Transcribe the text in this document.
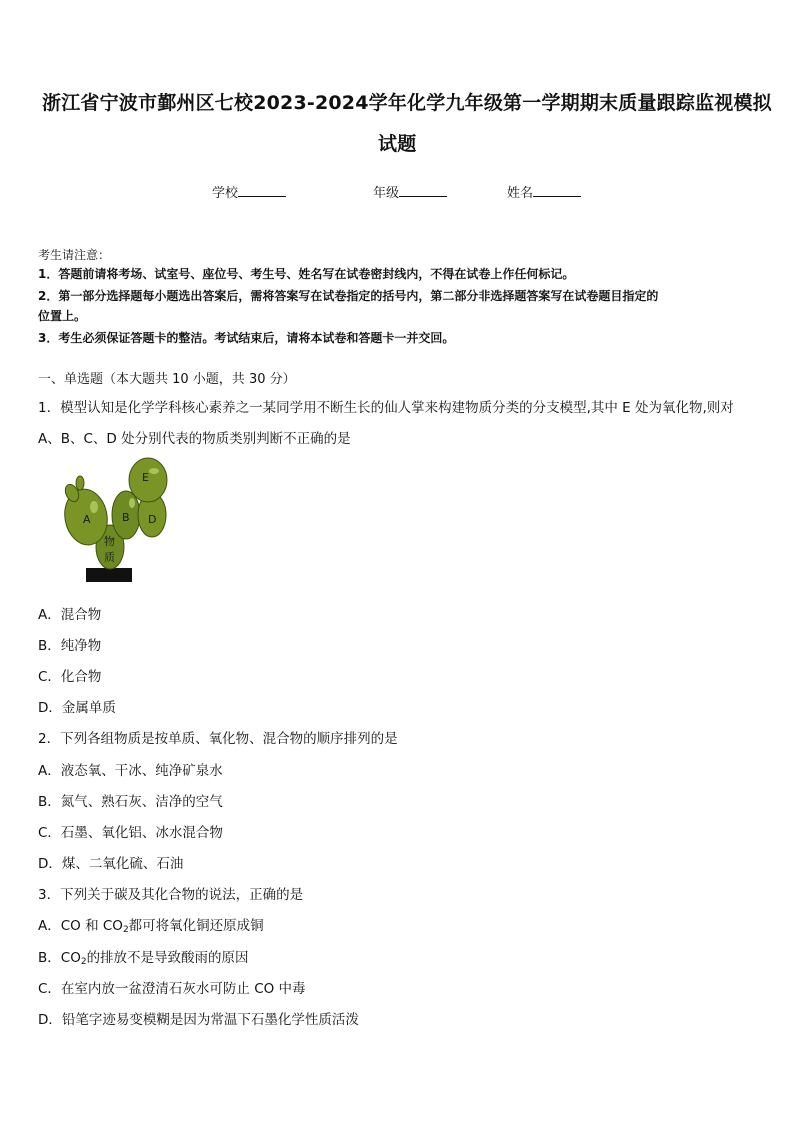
浙江省宁波市鄞州区七校2023-2024学年化学九年级第一学期期末质量跟踪监视模拟
试题
学校	年级	姓名
考生请注意：
1．答题前请将考场、试室号、座位号、考生号、姓名写在试卷密封线内，不得在试卷上作任何标记。
2．第一部分选择题每小题选出答案后，需将答案写在试卷指定的括号内，第二部分非选择题答案写在试卷题目指定的
位置上。
3．考生必须保证答题卡的整洁。考试结束后，请将本试卷和答题卡一并交回。
一、单选题（本大题共 10 小题，共 30 分）
1．模型认知是化学学科核心素养之一某同学用不断生长的仙人掌来构建物质分类的分支模型,其中 E 处为氧化物,则对
A、B、C、D 处分别代表的物质类别判断不正确的是
A	B D
E
物
质
A．混合物
B．纯净物
C．化合物
D．金属单质
2．下列各组物质是按单质、氧化物、混合物的顺序排列的是
A．液态氧、干冰、纯净矿泉水
B．氮气、熟石灰、洁净的空气
C．石墨、氧化铝、冰水混合物
D．煤、二氧化硫、石油
3．下列关于碳及其化合物的说法，正确的是
A．CO 和 $CO_2$都可将氧化铜还原成铜
B．$CO_2$的排放不是导致酸雨的原因
C．在室内放一盆澄清石灰水可防止 CO 中毒
D．铅笔字迹易变模糊是因为常温下石墨化学性质活泼
